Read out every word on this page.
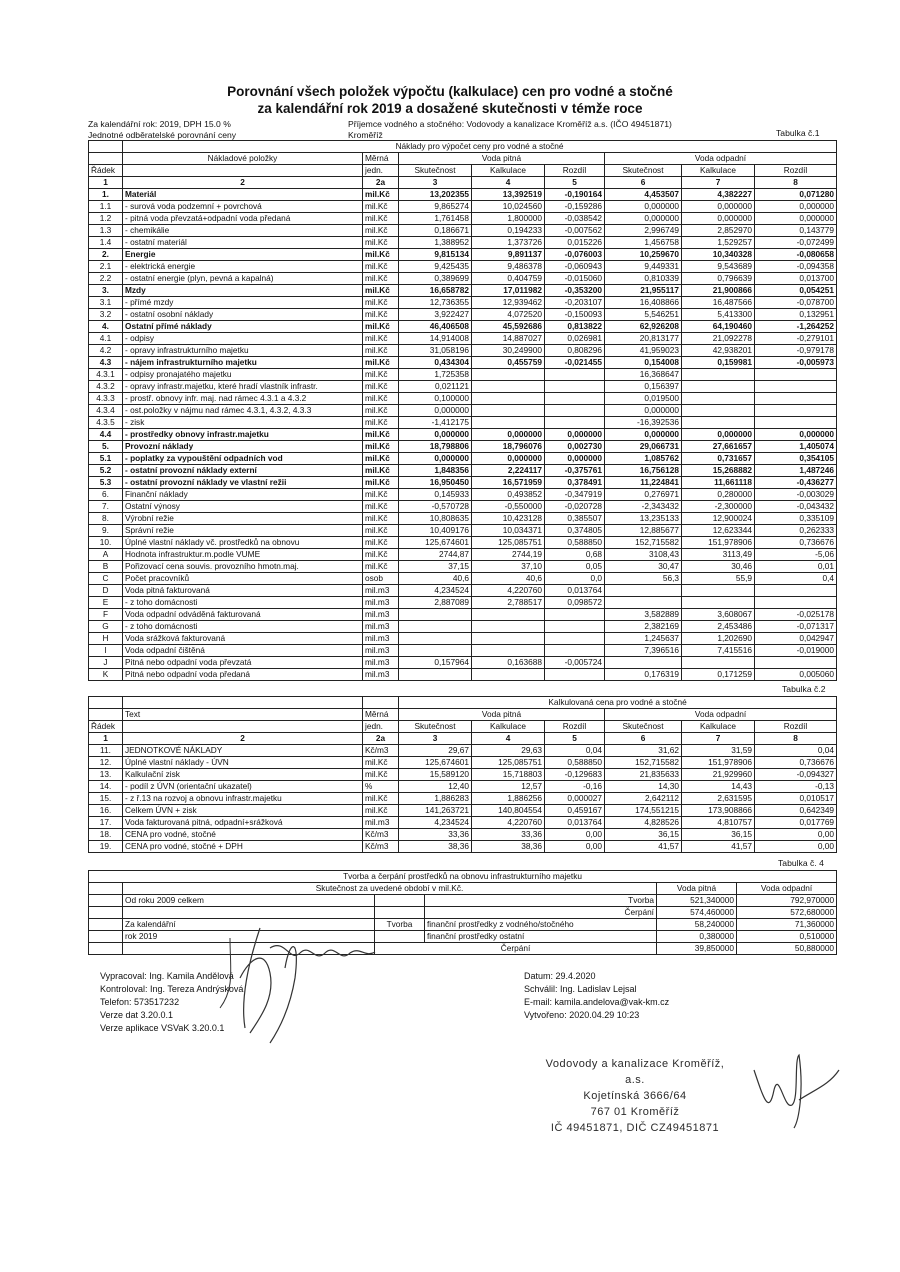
Porovnání všech položek výpočtu (kalkulace) cen pro vodné a stočné
za kalendářní rok 2019 a dosažené skutečnosti v témže roce
Za kalendářní rok: 2019, DPH 15.0 %
Jednotné odběratelské porovnání ceny
Příjemce vodného a stočného: Vodovody a kanalizace Kroměříž a.s. (IČO 49451871)
Kroměříž	Tabulka č.1
	Náklady pro výpočet ceny pro vodné a stočné							
	Nákladové položky	Měrná	Voda pitná			Voda odpadní		
Řádek		jedn.	Skutečnost	Kalkulace	Rozdíl	Skutečnost	Kalkulace	Rozdíl
1	2	2a	3	4	5	6	7	8
1.	Materiál	mil.Kč	13,202355	13,392519	-0,190164	4,453507	4,382227	0,071280
1.1	- surová voda podzemní + povrchová	mil.Kč	9,865274	10,024560	-0,159286	0,000000	0,000000	0,000000
1.2	- pitná voda převzatá+odpadní voda předaná	mil.Kč	1,761458	1,800000	-0,038542	0,000000	0,000000	0,000000
1.3	- chemikálie	mil.Kč	0,186671	0,194233	-0,007562	2,996749	2,852970	0,143779
1.4	- ostatní materiál	mil.Kč	1,388952	1,373726	0,015226	1,456758	1,529257	-0,072499
2.	Energie	mil.Kč	9,815134	9,891137	-0,076003	10,259670	10,340328	-0,080658
2.1	- elektrická energie	mil.Kč	9,425435	9,486378	-0,060943	9,449331	9,543689	-0,094358
2.2	- ostatní energie (plyn, pevná a kapalná)	mil.Kč	0,389699	0,404759	-0,015060	0,810339	0,796639	0,013700
3.	Mzdy	mil.Kč	16,658782	17,011982	-0,353200	21,955117	21,900866	0,054251
3.1	- přímé mzdy	mil.Kč	12,736355	12,939462	-0,203107	16,408866	16,487566	-0,078700
3.2	- ostatní osobní náklady	mil.Kč	3,922427	4,072520	-0,150093	5,546251	5,413300	0,132951
4.	Ostatní přímé náklady	mil.Kč	46,406508	45,592686	0,813822	62,926208	64,190460	-1,264252
4.1	- odpisy	mil.Kč	14,914008	14,887027	0,026981	20,813177	21,092278	-0,279101
4.2	- opravy infrastrukturního majetku	mil.Kč	31,058196	30,249900	0,808296	41,959023	42,938201	-0,979178
4.3	- nájem infrastrukturního majetku	mil.Kč	0,434304	0,455759	-0,021455	0,154008	0,159981	-0,005973
4.3.1	- odpisy pronajatého majetku	mil.Kč	1,725358			16,368647		
4.3.2	- opravy infrastr.majetku, které hradí vlastník infrastr.	mil.Kč	0,021121			0,156397		
4.3.3	- prostř. obnovy infr. maj. nad rámec 4.3.1 a 4.3.2	mil.Kč	0,100000			0,019500		
4.3.4	- ost.položky v nájmu nad rámec 4.3.1, 4.3.2, 4.3.3	mil.Kč	0,000000			0,000000		
4.3.5	- zisk	mil.Kč	-1,412175			-16,392536		
4.4	- prostředky obnovy infrastr.majetku	mil.Kč	0,000000	0,000000	0,000000	0,000000	0,000000	0,000000
5.	Provozní náklady	mil.Kč	18,798806	18,796076	0,002730	29,066731	27,661657	1,405074
5.1	- poplatky za vypouštění odpadních vod	mil.Kč	0,000000	0,000000	0,000000	1,085762	0,731657	0,354105
5.2	- ostatní provozní náklady externí	mil.Kč	1,848356	2,224117	-0,375761	16,756128	15,268882	1,487246
5.3	- ostatní provozní náklady ve vlastní režii	mil.Kč	16,950450	16,571959	0,378491	11,224841	11,661118	-0,436277
6.	Finanční náklady	mil.Kč	0,145933	0,493852	-0,347919	0,276971	0,280000	-0,003029
7.	Ostatní výnosy	mil.Kč	-0,570728	-0,550000	-0,020728	-2,343432	-2,300000	-0,043432
8.	Výrobní režie	mil.Kč	10,808635	10,423128	0,385507	13,235133	12,900024	0,335109
9.	Správní režie	mil.Kč	10,409176	10,034371	0,374805	12,885677	12,623344	0,262333
10.	Úplné vlastní náklady vč. prostředků na obnovu	mil.Kč	125,674601	125,085751	0,588850	152,715582	151,978906	0,736676
A	Hodnota infrastruktur.m.podle VUME	mil.Kč	2744,87	2744,19	0,68	3108,43	3113,49	-5,06
B	Pořizovací cena souvis. provozního hmotn.maj.	mil.Kč	37,15	37,10	0,05	30,47	30,46	0,01
C	Počet pracovníků	osob	40,6	40,6	0,0	56,3	55,9	0,4
D	Voda pitná fakturovaná	mil.m3	4,234524	4,220760	0,013764			
E	- z toho domácnosti	mil.m3	2,887089	2,788517	0,098572			
F	Voda odpadní odváděná fakturovaná	mil.m3				3,582889	3,608067	-0,025178
G	- z toho domácnosti	mil.m3				2,382169	2,453486	-0,071317
H	Voda srážková fakturovaná	mil.m3				1,245637	1,202690	0,042947
I	Voda odpadní čištěná	mil.m3				7,396516	7,415516	-0,019000
J	Pitná nebo odpadní voda převzatá	mil.m3	0,157964	0,163688	-0,005724			
K	Pitná nebo odpadní voda předaná	mil.m3				0,176319	0,171259	0,005060
Tabulka č.2
			Kalkulovaná cena pro vodné a stočné					
	Text	Měrná	Voda pitná			Voda odpadní		
Řádek		jedn.	Skutečnost	Kalkulace	Rozdíl	Skutečnost	Kalkulace	Rozdíl
1	2	2a	3	4	5	6	7	8
11.	JEDNOTKOVÉ NÁKLADY	Kč/m3	29,67	29,63	0,04	31,62	31,59	0,04
12.	Úplné vlastní náklady - ÚVN	mil.Kč	125,674601	125,085751	0,588850	152,715582	151,978906	0,736676
13.	Kalkulační zisk	mil.Kč	15,589120	15,718803	-0,129683	21,835633	21,929960	-0,094327
14.	- podíl z ÚVN (orientační ukazatel)	%	12,40	12,57	-0,16	14,30	14,43	-0,13
15.	- z ř.13 na rozvoj a obnovu infrastr.majetku	mil.Kč	1,886283	1,886256	0,000027	2,642112	2,631595	0,010517
16.	Celkem ÚVN + zisk	mil.Kč	141,263721	140,804554	0,459167	174,551215	173,908866	0,642349
17.	Voda fakturovaná pitná, odpadní+srážková	mil.m3	4,234524	4,220760	0,013764	4,828526	4,810757	0,017769
18.	CENA pro vodné, stočné	Kč/m3	33,36	33,36	0,00	36,15	36,15	0,00
19.	CENA pro vodné, stočné + DPH	Kč/m3	38,36	38,36	0,00	41,57	41,57	0,00
Tabulka č. 4
Tvorba a čerpání prostředků na obnovu infrastrukturního majetku					
	Skutečnost za uvedené období v mil.Kč.			Voda pitná	Voda odpadní
	Od roku 2009 celkem		Tvorba	521,340000	792,970000
			Čerpání	574,460000	572,680000
	Za kalendářní	Tvorba	finanční prostředky z vodného/stočného	58,240000	71,360000
	rok 2019		finanční prostředky ostatní	0,380000	0,510000
		Čerpání		39,850000	50,880000
Vypracoval: Ing. Kamila Andělová
Kontroloval: Ing. Tereza Andrýsková
Telefon: 573517232
Verze dat 3.20.0.1
Verze aplikace VSVaK 3.20.0.1
Datum: 29.4.2020
Schválil: Ing. Ladislav Lejsal
E-mail: kamila.andelova@vak-km.cz
Vytvořeno: 2020.04.29 10:23
Vodovody a kanalizace Kroměříž, a.s.
Kojetínská 3666/64
767 01 Kroměříž
IČ 49451871, DIČ CZ49451871
